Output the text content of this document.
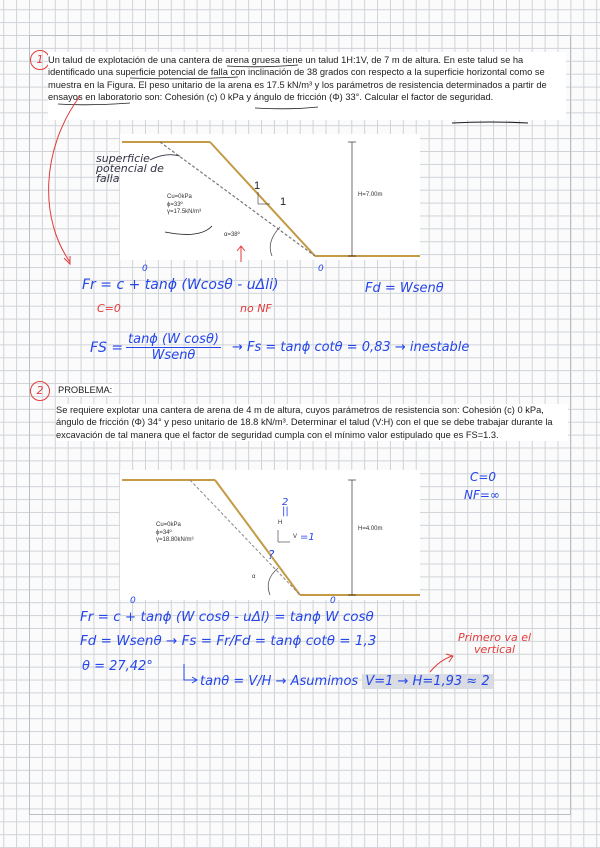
1 Un talud de explotación de una cantera de arena gruesa tiene un talud 1H:1V, de 7 m de altura. En este talud se ha identificado una superficie potencial de falla con inclinación de 38 grados con respecto a la superficie horizontal como se muestra en la Figura. El peso unitario de la arena es 17.5 kN/m³ y los parámetros de resistencia determinados a partir de ensayos en laboratorio son: Cohesión (c) 0 kPa y ángulo de fricción (Φ) 33°. Calcular el factor de seguridad.

Cu=0kPa
ϕ=33º
γ=17.5kN/m³
α=38º
H=7.00m
1
1
superficie
potencial de
falla
Fr = c + tanϕ (Wcosθ - uΔli)
0	0
C=0	no NF
Fd = Wsenθ
FS =
tanϕ (W cosθ)
Wsenθ
→ Fs = tanϕ cotθ = 0,83 → inestable
2	PROBLEMA:

Se requiere explotar una cantera de arena de 4 m de altura, cuyos parámetros de resistencia son: Cohesión (c) 0 kPa, ángulo de fricción (Φ) 34° y peso unitario de 18.8 kN/m³. Determinar el talud (V:H) con el que se debe trabajar durante la excavación de tal manera que el factor de seguridad cumpla con el mínimo valor estipulado que es FS=1.3.

Cu=0kPa
ϕ=34º
γ=18.80kN/m³
α
H=4.00m
H
V
2
||
=1
?
C=0
NF=∞
Fr = c + tanϕ (W cosθ - uΔl) = tanϕ W cosθ
0	0
Fd = Wsenθ → Fs = Fr/Fd = tanϕ cotθ = 1,3
θ = 27,42°
tanθ = V/H → Asumimos V=1 → H=1,93 ≈ 2
Primero va el
vertical
